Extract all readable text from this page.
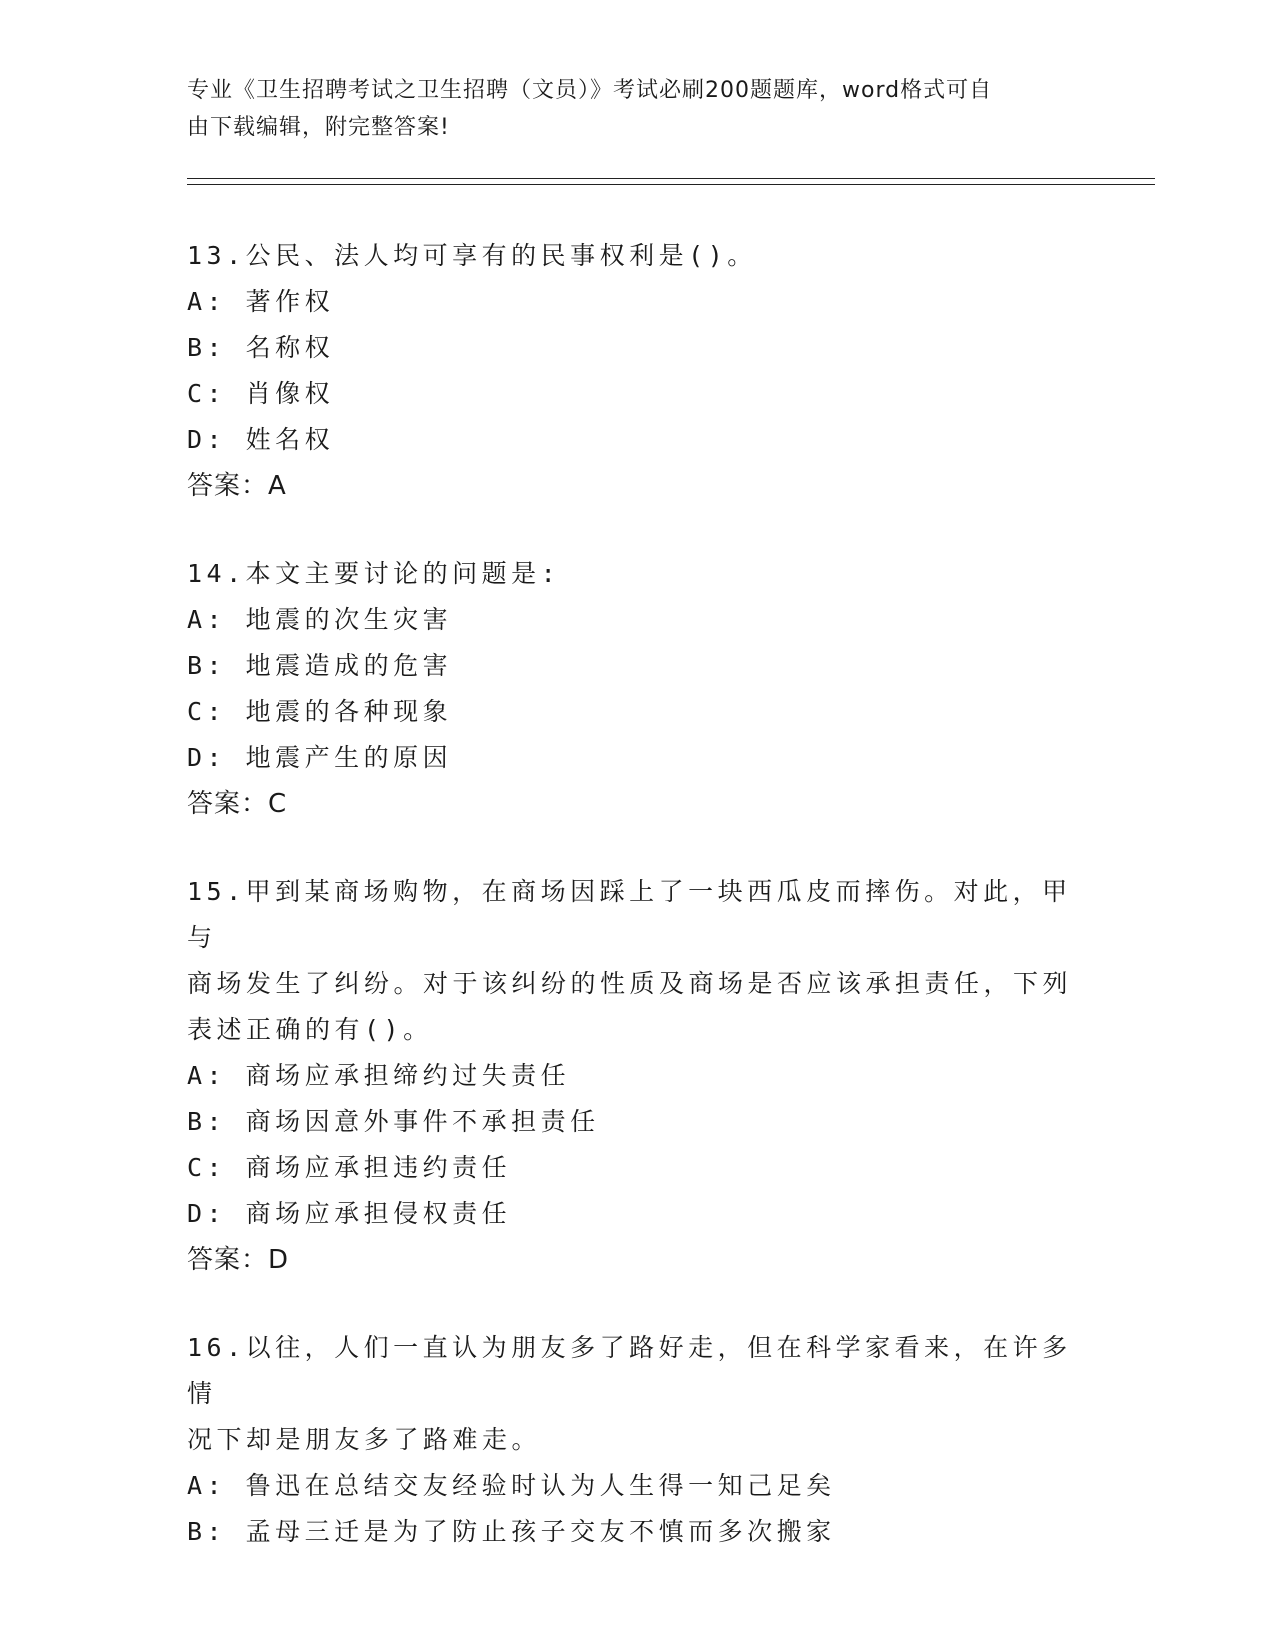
专业《卫生招聘考试之卫生招聘（文员）》考试必刷200题题库，word格式可自
由下载编辑，附完整答案!
13.公民、法人均可享有的民事权利是()。
A: 著作权
B: 名称权
C: 肖像权
D: 姓名权
答案：A
14.本文主要讨论的问题是:
A: 地震的次生灾害
B: 地震造成的危害
C: 地震的各种现象
D: 地震产生的原因
答案：C
15.甲到某商场购物，在商场因踩上了一块西瓜皮而摔伤。对此，甲与
商场发生了纠纷。对于该纠纷的性质及商场是否应该承担责任，下列
表述正确的有()。
A: 商场应承担缔约过失责任
B: 商场因意外事件不承担责任
C: 商场应承担违约责任
D: 商场应承担侵权责任
答案：D
16.以往，人们一直认为朋友多了路好走，但在科学家看来，在许多情
况下却是朋友多了路难走。
A: 鲁迅在总结交友经验时认为人生得一知己足矣
B: 孟母三迁是为了防止孩子交友不慎而多次搬家
